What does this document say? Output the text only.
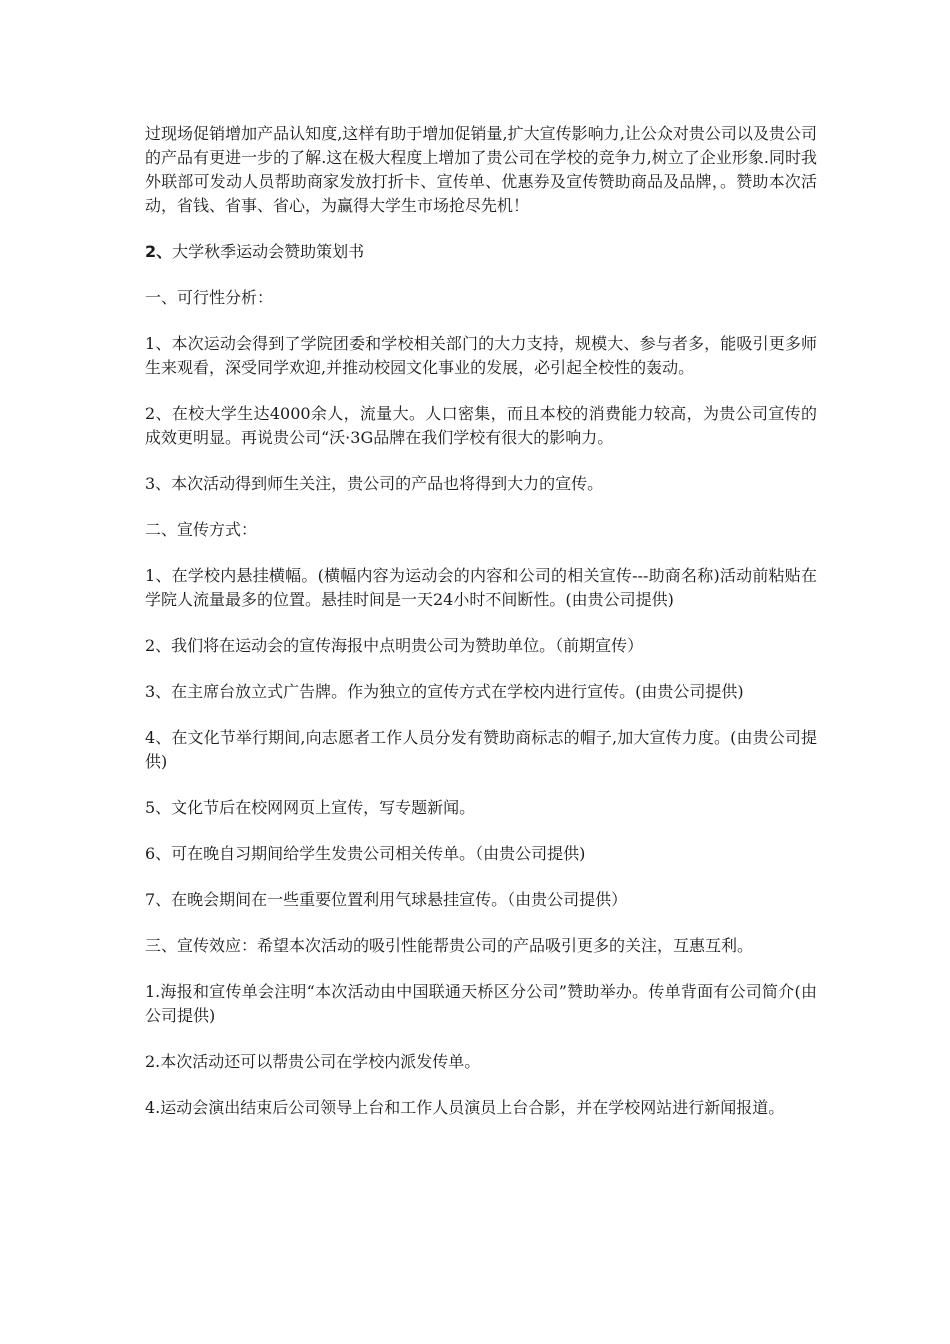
过现场促销增加产品认知度,这样有助于增加促销量,扩大宣传影响力,让公众对贵公司以及贵公司的产品有更进一步的了解.这在极大程度上增加了贵公司在学校的竞争力,树立了企业形象.同时我外联部可发动人员帮助商家发放打折卡、宣传单、优惠券及宣传赞助商品及品牌，。赞助本次活动，省钱、省事、省心，为赢得大学生市场抢尽先机！

2、大学秋季运动会赞助策划书

一、可行性分析：

1、本次运动会得到了学院团委和学校相关部门的大力支持，规模大、参与者多，能吸引更多师生来观看，深受同学欢迎,并推动校园文化事业的发展，必引起全校性的轰动。

2、在校大学生达4000余人，流量大。人口密集，而且本校的消费能力较高，为贵公司宣传的成效更明显。再说贵公司“沃·3G品牌在我们学校有很大的影响力。

3、本次活动得到师生关注，贵公司的产品也将得到大力的宣传。

二、宣传方式：

1、在学校内悬挂横幅。(横幅内容为运动会的内容和公司的相关宣传---助商名称)活动前粘贴在学院人流量最多的位置。悬挂时间是一天24小时不间断性。(由贵公司提供)

2、我们将在运动会的宣传海报中点明贵公司为赞助单位。（前期宣传）

3、在主席台放立式广告牌。作为独立的宣传方式在学校内进行宣传。(由贵公司提供)

4、在文化节举行期间,向志愿者工作人员分发有赞助商标志的帽子,加大宣传力度。(由贵公司提供)

5、文化节后在校网网页上宣传，写专题新闻。

6、可在晚自习期间给学生发贵公司相关传单。（由贵公司提供)

7、在晚会期间在一些重要位置利用气球悬挂宣传。（由贵公司提供）

三、宣传效应：希望本次活动的吸引性能帮贵公司的产品吸引更多的关注，互惠互利。

1.海报和宣传单会注明“本次活动由中国联通天桥区分公司”赞助举办。传单背面有公司简介(由公司提供)

2.本次活动还可以帮贵公司在学校内派发传单。

4.运动会演出结束后公司领导上台和工作人员演员上台合影，并在学校网站进行新闻报道。
